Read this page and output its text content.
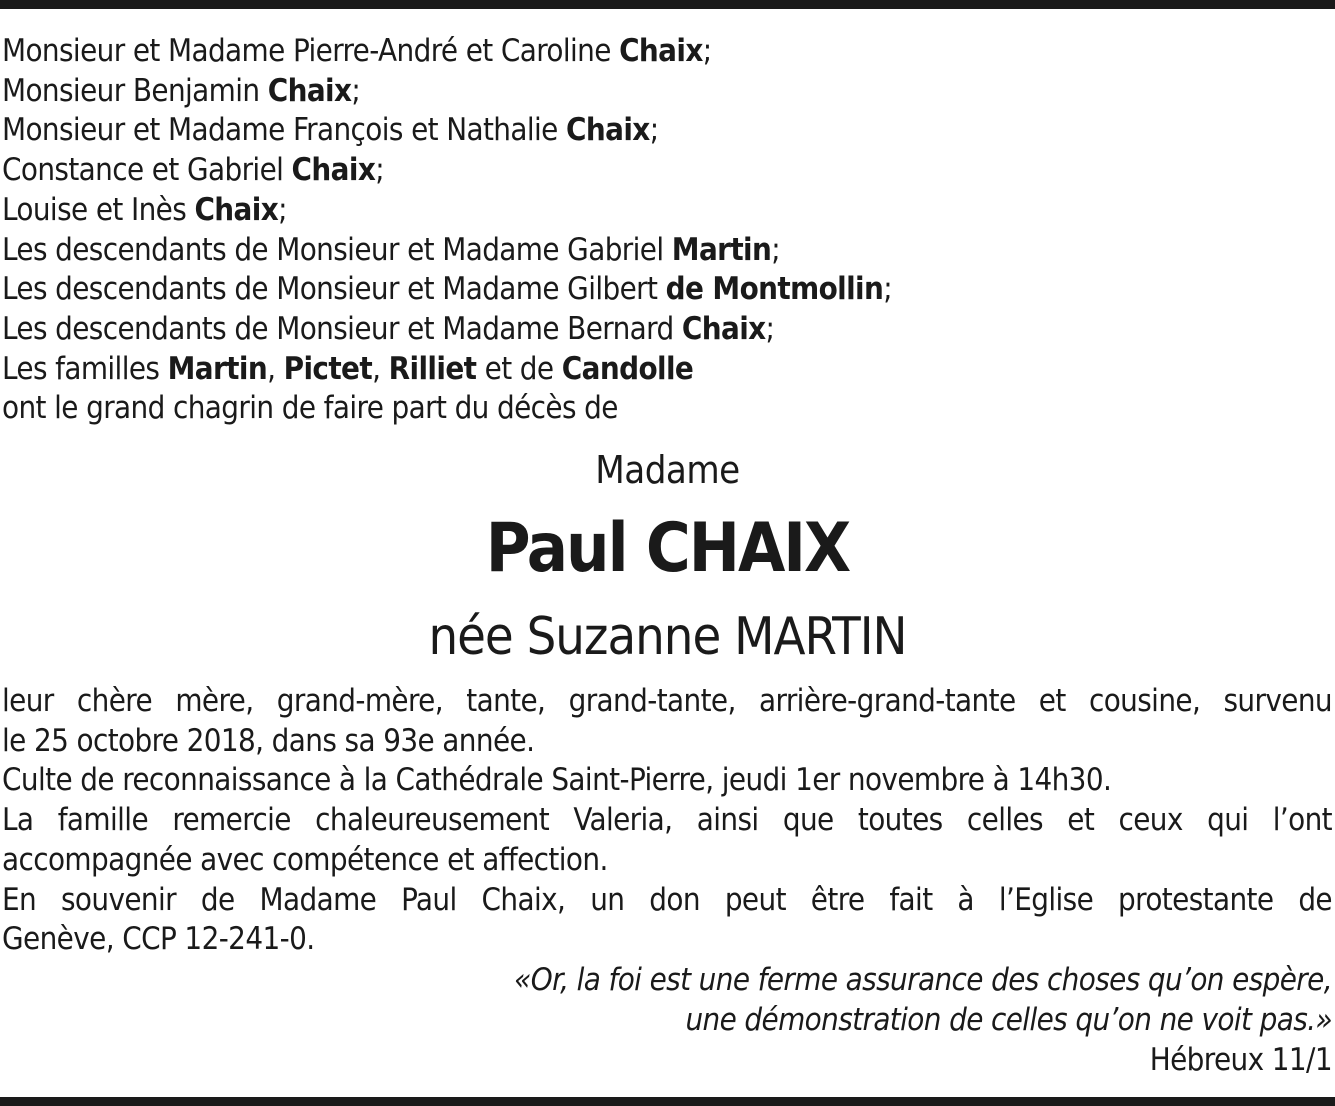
Monsieur et Madame Pierre-André et Caroline Chaix;
Monsieur Benjamin Chaix;
Monsieur et Madame François et Nathalie Chaix;
Constance et Gabriel Chaix;
Louise et Inès Chaix;
Les descendants de Monsieur et Madame Gabriel Martin;
Les descendants de Monsieur et Madame Gilbert de Montmollin;
Les descendants de Monsieur et Madame Bernard Chaix;
Les familles Martin, Pictet, Rilliet et de Candolle
ont le grand chagrin de faire part du décès de
Madame
Paul CHAIX
née Suzanne MARTIN
leur chère mère, grand-mère, tante, grand-tante, arrière-grand-tante et cousine, survenu
le 25 octobre 2018, dans sa 93e année.
Culte de reconnaissance à la Cathédrale Saint-Pierre, jeudi 1er novembre à 14h30.
La famille remercie chaleureusement Valeria, ainsi que toutes celles et ceux qui l’ont
accompagnée avec compétence et affection.
En souvenir de Madame Paul Chaix, un don peut être fait à l’Eglise protestante de
Genève, CCP 12-241-0.
«Or, la foi est une ferme assurance des choses qu’on espère,
une démonstration de celles qu’on ne voit pas.»
Hébreux 11/1
